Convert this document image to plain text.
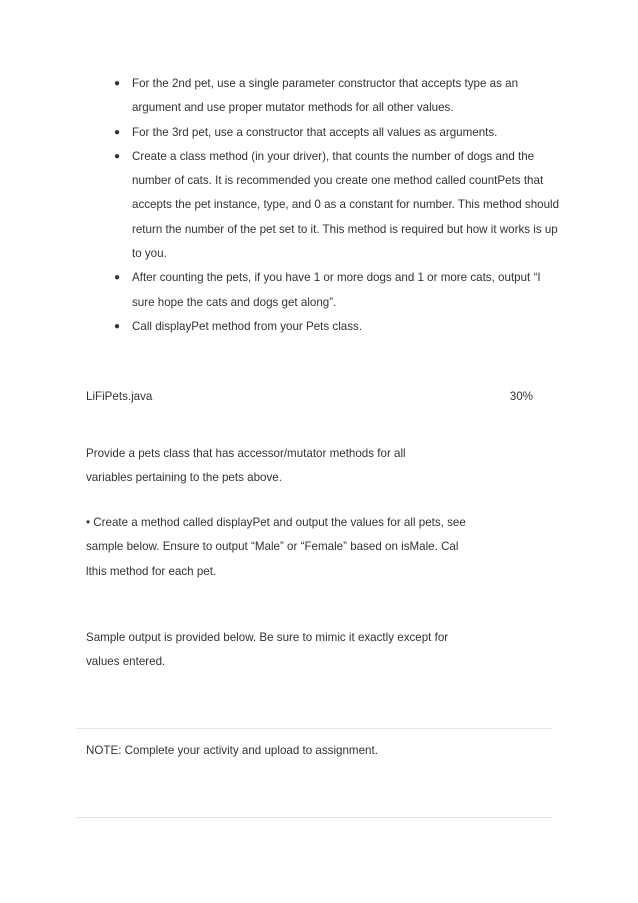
● For the 2nd pet, use a single parameter constructor that accepts type as an argument and use proper mutator methods for all other values.
● For the 3rd pet, use a constructor that accepts all values as arguments.
● Create a class method (in your driver), that counts the number of dogs and the number of cats. It is recommended you create one method called countPets that accepts the pet instance, type, and 0 as a constant for number. This method should return the number of the pet set to it. This method is required but how it works is up to you.
● After counting the pets, if you have 1 or more dogs and 1 or more cats, output “I sure hope the cats and dogs get along”.
● Call displayPet method from your Pets class.
LiFiPets.java	30%

Provide a pets class that has accessor/mutator methods for all variables pertaining to the pets above.

• Create a method called displayPet and output the values for all pets, see sample below. Ensure to output “Male” or “Female” based on isMale. Cal lthis method for each pet.

Sample output is provided below. Be sure to mimic it exactly except for values entered.

NOTE: Complete your activity and upload to assignment.
